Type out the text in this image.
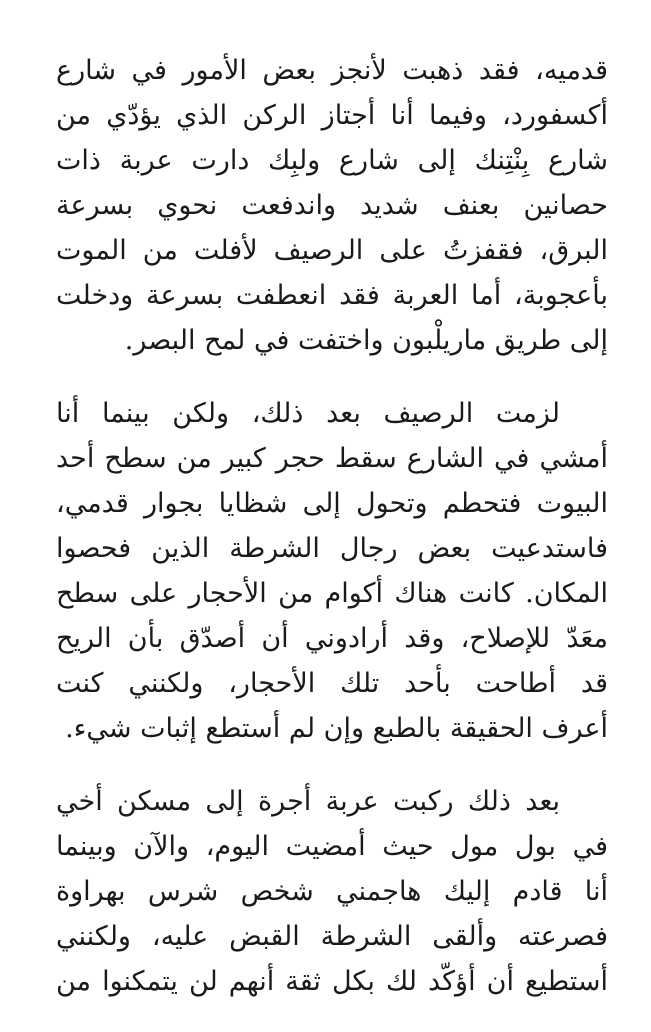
قدميه، فقد ذهبت لأنجز بعض الأمور في شارع
أكسفورد، وفيما أنا أجتاز الركن الذي يؤدّي من
شارع بِنْتِنك إلى شارع ولبِك دارت عربة ذات
حصانين بعنف شديد واندفعت نحوي بسرعة
البرق، فقفزتُ على الرصيف لأفلت من الموت
بأعجوبة، أما العربة فقد انعطفت بسرعة ودخلت
إلى طريق ماريلْبون واختفت في لمح البصر.
لزمت الرصيف بعد ذلك، ولكن بينما أنا
أمشي في الشارع سقط حجر كبير من سطح أحد
البيوت فتحطم وتحول إلى شظايا بجوار قدمي،
فاستدعيت بعض رجال الشرطة الذين فحصوا
المكان. كانت هناك أكوام من الأحجار على سطح
معَدّ للإصلاح، وقد أرادوني أن أصدّق بأن الريح
قد أطاحت بأحد تلك الأحجار، ولكنني كنت
أعرف الحقيقة بالطبع وإن لم أستطع إثبات شيء.
بعد ذلك ركبت عربة أجرة إلى مسكن أخي
في بول مول حيث أمضيت اليوم، والآن وبينما
أنا قادم إليك هاجمني شخص شرس بهراوة
فصرعته وألقى الشرطة القبض عليه، ولكنني
أستطيع أن أؤكّد لك بكل ثقة أنهم لن يتمكنوا من
